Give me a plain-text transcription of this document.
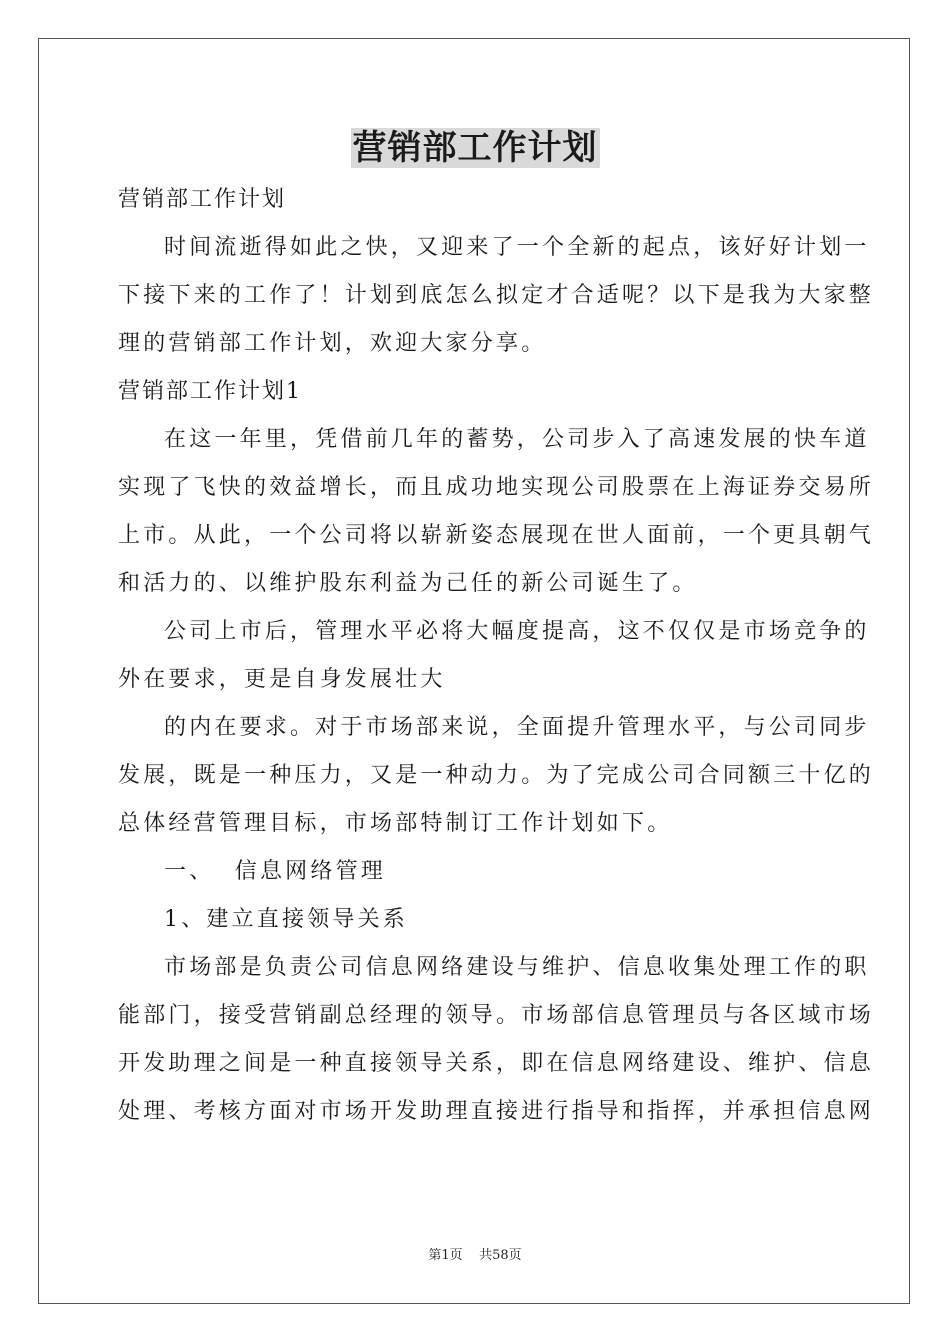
营销部工作计划
营销部工作计划
时间流逝得如此之快，又迎来了一个全新的起点，该好好计划一
下接下来的工作了！计划到底怎么拟定才合适呢？以下是我为大家整
理的营销部工作计划，欢迎大家分享。
营销部工作计划1
在这一年里，凭借前几年的蓄势，公司步入了高速发展的快车道
实现了飞快的效益增长，而且成功地实现公司股票在上海证券交易所
上市。从此，一个公司将以崭新姿态展现在世人面前，一个更具朝气
和活力的、以维护股东利益为己任的新公司诞生了。
公司上市后，管理水平必将大幅度提高，这不仅仅是市场竞争的
外在要求，更是自身发展壮大
的内在要求。对于市场部来说，全面提升管理水平，与公司同步
发展，既是一种压力，又是一种动力。为了完成公司合同额三十亿的
总体经营管理目标，市场部特制订工作计划如下。
一、  信息网络管理
1、建立直接领导关系
市场部是负责公司信息网络建设与维护、信息收集处理工作的职
能部门，接受营销副总经理的领导。市场部信息管理员与各区域市场
开发助理之间是一种直接领导关系，即在信息网络建设、维护、信息
处理、考核方面对市场开发助理直接进行指导和指挥，并承担信息网
第1页 共58页
